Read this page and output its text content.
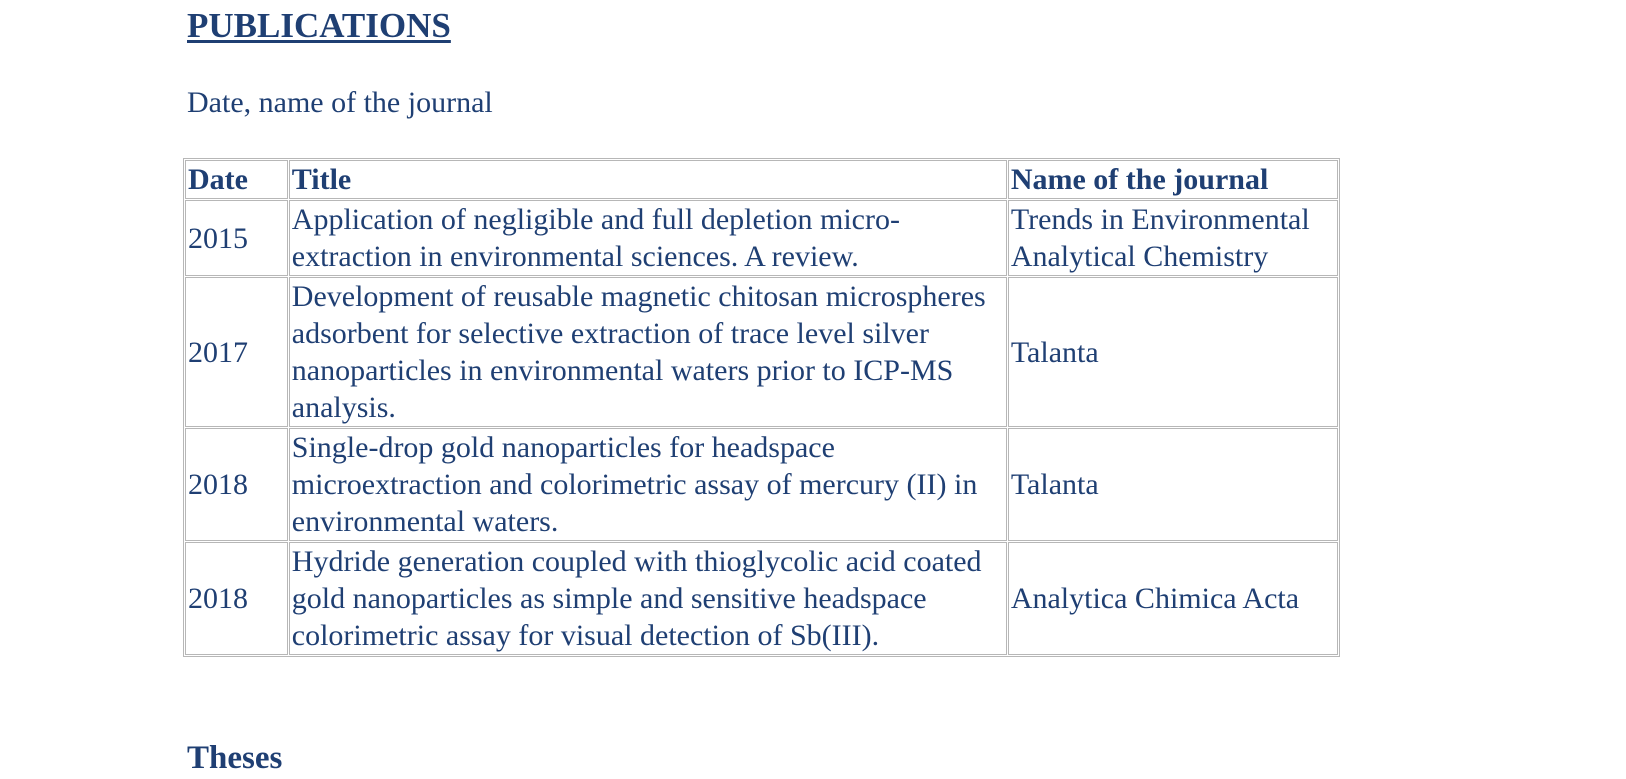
PUBLICATIONS

Date, name of the journal

Date	Title	Name of the journal
2015	Application of negligible and full depletion micro-extraction in environmental sciences. A review.	Trends in Environmental Analytical Chemistry
2017	Development of reusable magnetic chitosan microspheres adsorbent for selective extraction of trace level silver nanoparticles in environmental waters prior to ICP-MS analysis.	Talanta
2018	Single-drop gold nanoparticles for headspace microextraction and colorimetric assay of mercury (II) in environmental waters.	Talanta
2018	Hydride generation coupled with thioglycolic acid coated gold nanoparticles as simple and sensitive headspace colorimetric assay for visual detection of Sb(III).	Analytica Chimica Acta
Theses
